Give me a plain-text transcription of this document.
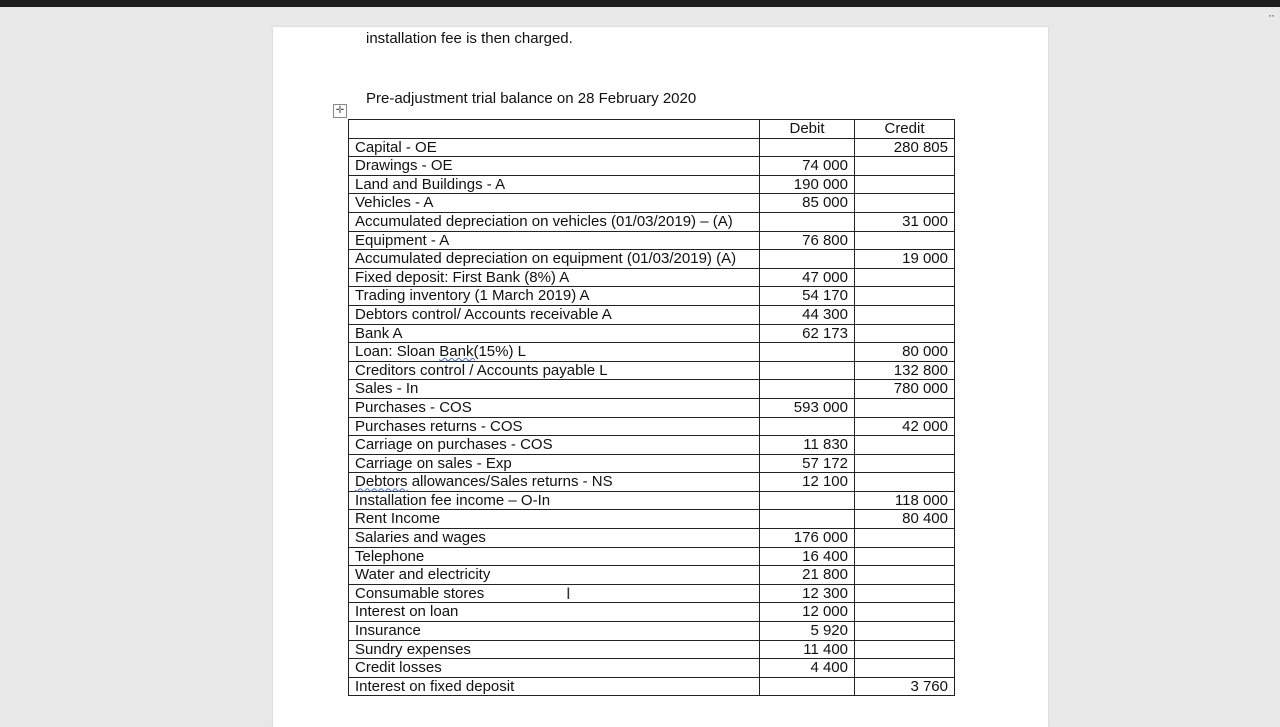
··
installation fee is then charged.
Pre-adjustment trial balance on 28 February 2020
✛
	Debit	Credit
Capital - OE		280 805
Drawings - OE	74 000	
Land and Buildings - A	190 000	
Vehicles - A	85 000	
Accumulated depreciation on vehicles (01/03/2019) – (A)		31 000
Equipment - A	76 800	
Accumulated depreciation on equipment (01/03/2019) (A)		19 000
Fixed deposit: First Bank (8%) A	47 000	
Trading inventory (1 March 2019) A	54 170	
Debtors control/ Accounts receivable A	44 300	
Bank A	62 173	
Loan: Sloan Bank(15%) L		80 000
Creditors control / Accounts payable L		132 800
Sales - In		780 000
Purchases - COS	593 000	
Purchases returns - COS		42 000
Carriage on purchases - COS	11 830	
Carriage on sales - Exp	57 172	
Debtors allowances/Sales returns - NS	12 100	
Installation fee income – O-In		118 000
Rent Income		80 400
Salaries and wages	176 000	
Telephone	16 400	
Water and electricity	21 800	
Consumable stores	12 300	
Interest on loan	12 000	
Insurance	5 920	
Sundry expenses	11 400	
Credit losses	4 400	
Interest on fixed deposit		3 760
I
